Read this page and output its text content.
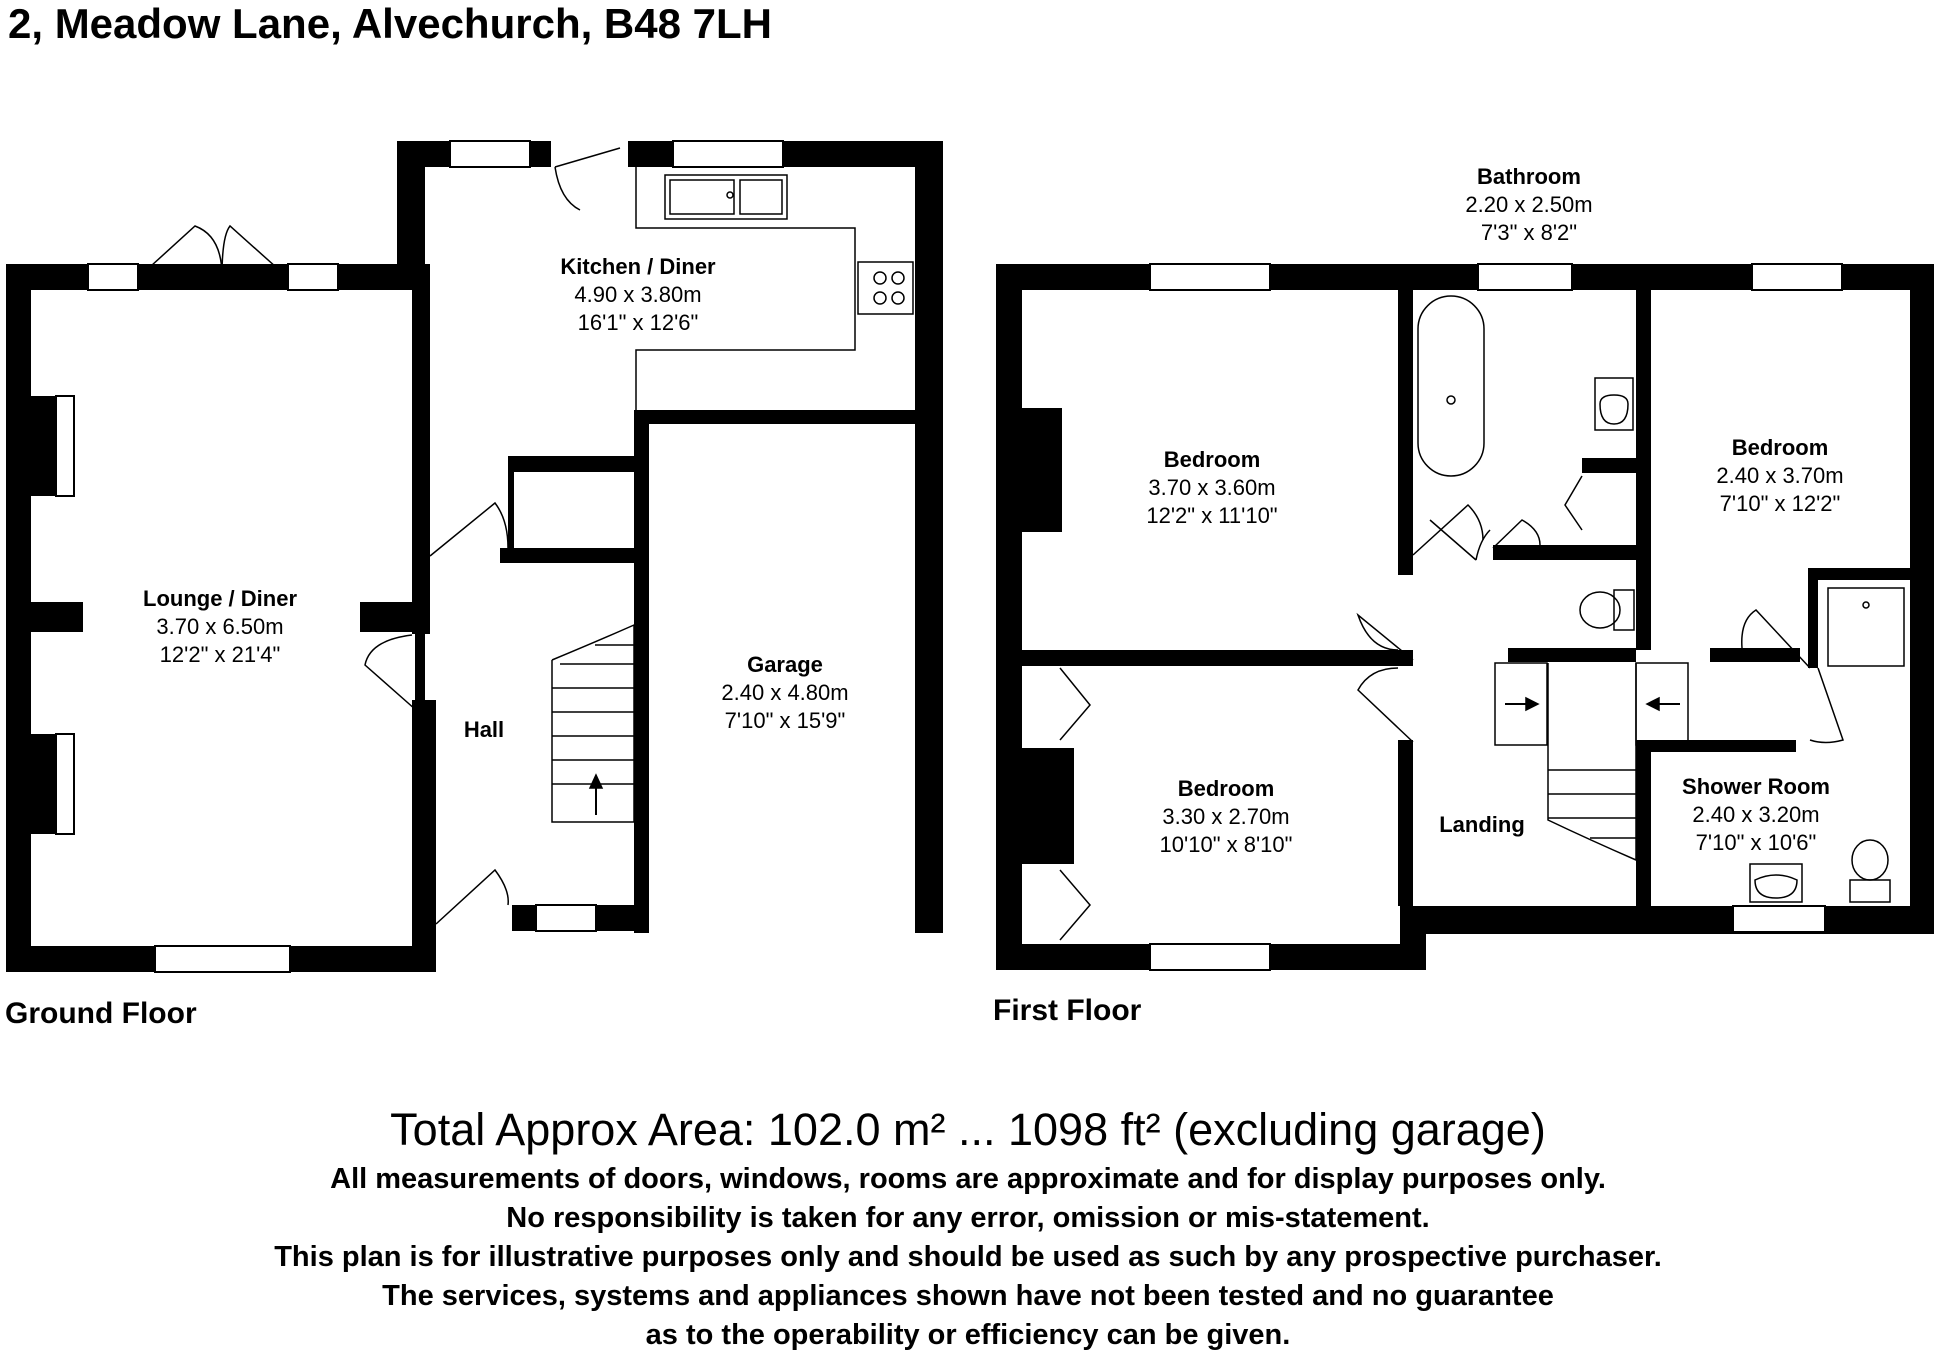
2, Meadow Lane, Alvechurch, B48 7LH
Kitchen / Diner
4.90 x 3.80m
16'1" x 12'6"
Lounge / Diner
3.70 x 6.50m
12'2" x 21'4"
Hall
Garage
2.40 x 4.80m
7'10" x 15'9"
Ground Floor
Bathroom
2.20 x 2.50m
7'3" x 8'2"
Bedroom
3.70 x 3.60m
12'2" x 11'10"
Bedroom
2.40 x 3.70m
7'10" x 12'2"
Bedroom
3.30 x 2.70m
10'10" x 8'10"
Landing
Shower Room
2.40 x 3.20m
7'10" x 10'6"
First Floor
Total Approx Area: 102.0 m² ... 1098 ft² (excluding garage)
All measurements of doors, windows, rooms are approximate and for display purposes only.
No responsibility is taken for any error, omission or mis-statement.
This plan is for illustrative purposes only and should be used as such by any prospective purchaser.
The services, systems and appliances shown have not been tested and no guarantee
as to the operability or efficiency can be given.
